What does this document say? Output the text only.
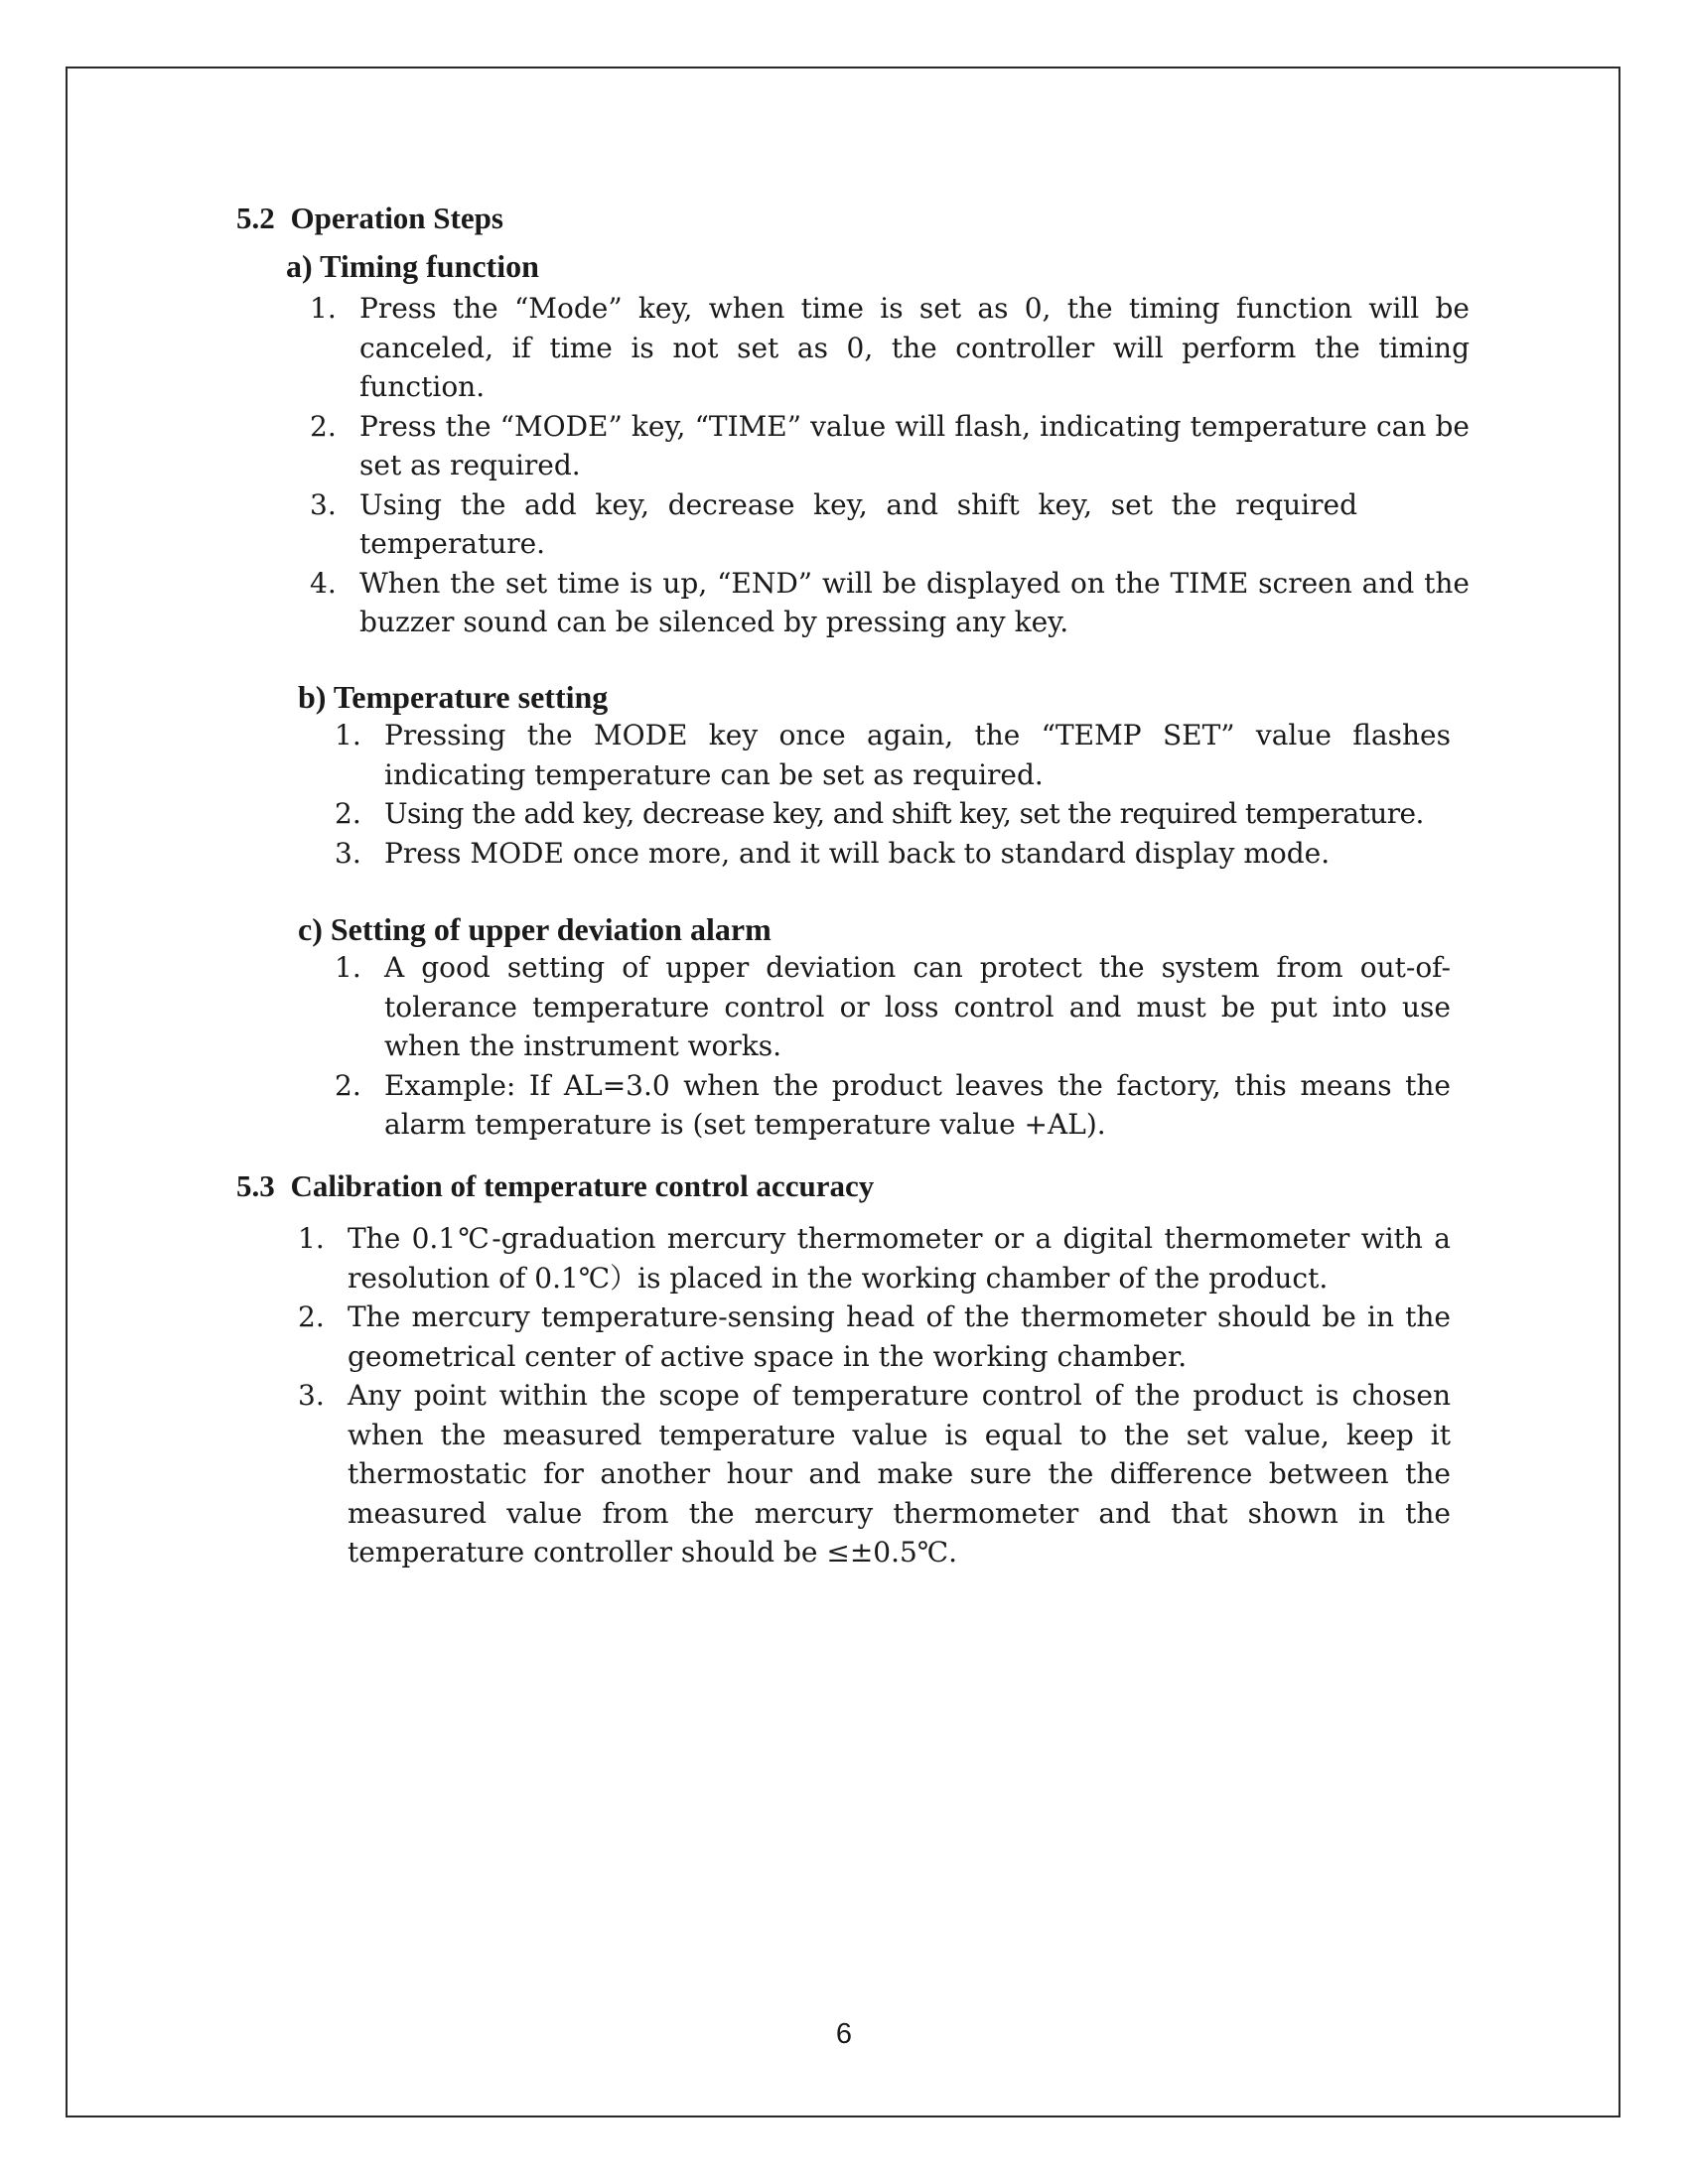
5.2 Operation Steps
a) Timing function
1. Press the “Mode” key, when time is set as 0, the timing function will be canceled, if time is not set as 0, the controller will perform the timing function.
2. Press the “MODE” key, “TIME” value will flash, indicating temperature can be set as required.
3. Using the add key, decrease key, and shift key, set the required temperature.
4. When the set time is up, “END” will be displayed on the TIME screen and the buzzer sound can be silenced by pressing any key.
b) Temperature setting
1. Pressing the MODE key once again, the “TEMP SET” value flashes indicating temperature can be set as required.
2. Using the add key, decrease key, and shift key, set the required temperature.
3. Press MODE once more, and it will back to standard display mode.
c) Setting of upper deviation alarm
1. A good setting of upper deviation can protect the system from out-of-tolerance temperature control or loss control and must be put into use when the instrument works.
2. Example: If AL=3.0 when the product leaves the factory, this means the alarm temperature is (set temperature value +AL).
5.3 Calibration of temperature control accuracy
1. The 0.1℃-graduation mercury thermometer or a digital thermometer with a resolution of 0.1℃）is placed in the working chamber of the product.
2. The mercury temperature-sensing head of the thermometer should be in the geometrical center of active space in the working chamber.
3. Any point within the scope of temperature control of the product is chosen when the measured temperature value is equal to the set value, keep it thermostatic for another hour and make sure the difference between the measured value from the mercury thermometer and that shown in the temperature controller should be ≤±0.5℃.
6
